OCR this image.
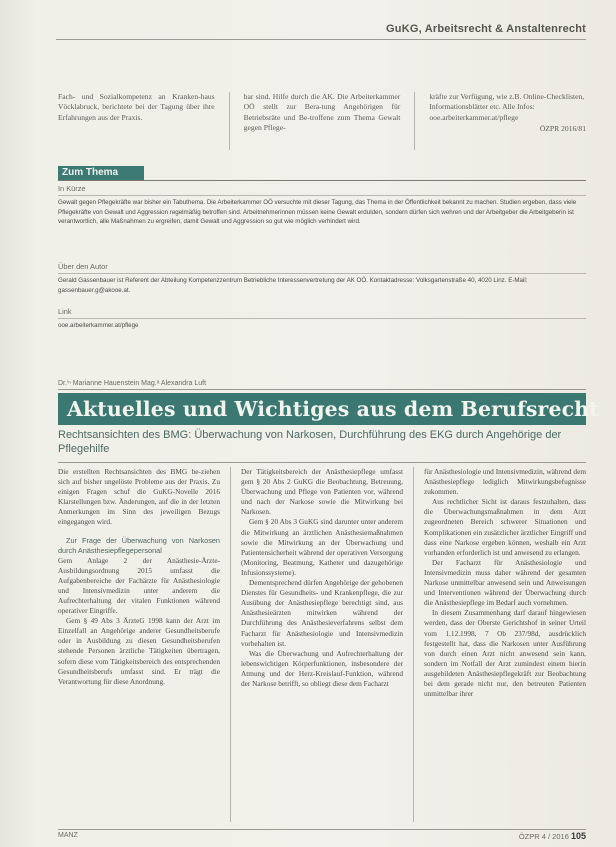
GuKG, Arbeitsrecht & Anstaltenrecht
Fach- und Sozialkompetenz an Kranken-haus Vöcklabruck, berichtete bei der Tagung über ihre Erfahrungen aus der Praxis.
bar sind. Hilfe durch die AK. Die Arbeiterkammer OÖ stellt zur Bera-tung Angehörigen für Betriebsräte und Be-troffene zum Thema Gewalt gegen Pflege-
kräfte zur Verfügung, wie z.B. Online-Checklisten, Informationsblätter etc. Alle Infos: ooe.arbeiterkammer.at/pflege
ÖZPR 2016/81
Zum Thema
In Kürze
Gewalt gegen Pflegekräfte war bisher ein Tabuthema. Die Arbeiterkammer OÖ versuchte mit dieser Tagung, das Thema in der Öffentlichkeit bekannt zu machen. Studien ergeben, dass viele Pflegekräfte von Gewalt und Aggression regelmäßig betroffen sind. Arbeitnehmerinnen müssen keine Gewalt erdulden, sondern dürfen sich wehren und der Arbeitgeber die Arbeitgeberin ist verantwortlich, alle Maßnahmen zu ergreifen, damit Gewalt und Aggression so gut wie möglich verhindert wird.
Über den Autor
Gerald Gassenbauer ist Referent der Abteilung Kompetenzzentrum Betriebliche Interessenvertretung der AK OÖ. Kontaktadresse: Volksgartenstraße 40, 4020 Linz. E-Mail: gassenbauer.g@akooe.at.
Link
ooe.arbeiterkammer.at/pflege
Dr.ⁱⁿ Marianne Hauenstein Mag.ᵃ Alexandra Luft
Aktuelles und Wichtiges aus dem Berufsrecht
Rechtsansichten des BMG: Überwachung von Narkosen, Durchführung des EKG durch Angehörige der Pflegehilfe

Die erstellten Rechtsansichten des BMG be-ziehen sich auf bisher ungelöste Probleme aus der Praxis. Zu einigen Fragen schuf die GuKG-Novelle 2016 Klarstellungen bzw. Änderungen, auf die in der letzten Anmerkungen im Sinn des jeweiligen Bezugs eingegangen wird.

Zur Frage der Überwachung von Narkosen durch Anästhesiepflegepersonal

Gem Anlage 2 der Anästhesie-Ärzte-Ausbildungsordnung 2015 umfasst die Aufgabenbereiche der Fachärzte für Anästhesiologie und Intensivmedizin unter anderem die Aufrechterhaltung der vitalen Funktionen während operativer Eingriffe.

Gem § 49 Abs 3 ÄrzteG 1998 kann der Arzt im Einzelfall an Angehörige anderer Gesundheitsberufe oder in Ausbildung zu diesen Gesundheitsberufen stehende Personen ärztliche Tätigkeiten übertragen, sofern diese vom Tätigkeitsbereich des entsprechenden Gesundheitsberufs umfasst sind. Er trägt die Verantwortung für diese Anordnung.

Der Tätigkeitsbereich der Anästhesiepflege umfasst gem § 20 Abs 2 GuKG die Beobachtung, Betreuung, Überwachung und Pflege von Patienten vor, während und nach der Narkose sowie die Mitwirkung bei Narkosen.

Gem § 20 Abs 3 GuKG sind darunter unter anderem die Mitwirkung an ärztlichen Anästhesiemaßnahmen sowie die Mitwirkung an der Überwachung und Patientensicherheit während der operativen Versorgung (Monitoring, Beatmung, Katheter und dazugehörige Infusionssysteme).

Dementsprechend dürfen Angehörige der gehobenen Dienstes für Gesundheits- und Krankenpflege, die zur Ausübung der Anästhesiepflege berechtigt sind, aus Anästhesieärzten mitwirken während der Durchführung des Anästhesieverfahrens selbst dem Facharzt für Anästhesiologie und Intensivmedizin vorbehalten ist.

Was die Überwachung und Aufrechterhaltung der lebenswichtigen Körperfunktionen, insbesondere der Atmung und der Herz-Kreislauf-Funktion, während der Narkose betrifft, so obliegt diese dem Facharzt

für Anästhesiologie und Intensivmedizin, während dem Anästhesiepflege lediglich Mitwirkungsbefugnisse zukommen.

Aus rechtlicher Sicht ist daraus festzuhalten, dass die Überwachungsmaßnahmen in dem Arzt zugeordneten Bereich schwerer Situationen und Komplikationen ein zusätzlicher ärztlicher Eingriff und dass eine Narkose ergeben können, weshalb ein Arzt vorhanden erforderlich ist und anwesend zu erlangen.

Der Facharzt für Anästhesiologie und Intensivmedizin muss daher während der gesamten Narkose unmittelbar anwesend sein und Anweisungen und Interventionen während der Überwachung durch die Anästhesiepflege im Bedarf auch vornehmen.

In diesem Zusammenhang darf darauf hingewiesen werden, dass der Oberste Gerichtshof in seiner Urteil vom 1.12.1998, 7 Ob 237/98d, ausdrücklich festgestellt hat, dass die Narkosen unter Ausführung von durch einen Arzt nicht anwesend sein kann, sondern im Notfall der Arzt zumindest einem hierin ausgebildeten Anästhesiepflegekräft zur Beobachtung bei dem gerade nicht nur, den betreuten Patienten unmittelbar ihrer

MANZ	ÖZPR 4 / 2016 105
